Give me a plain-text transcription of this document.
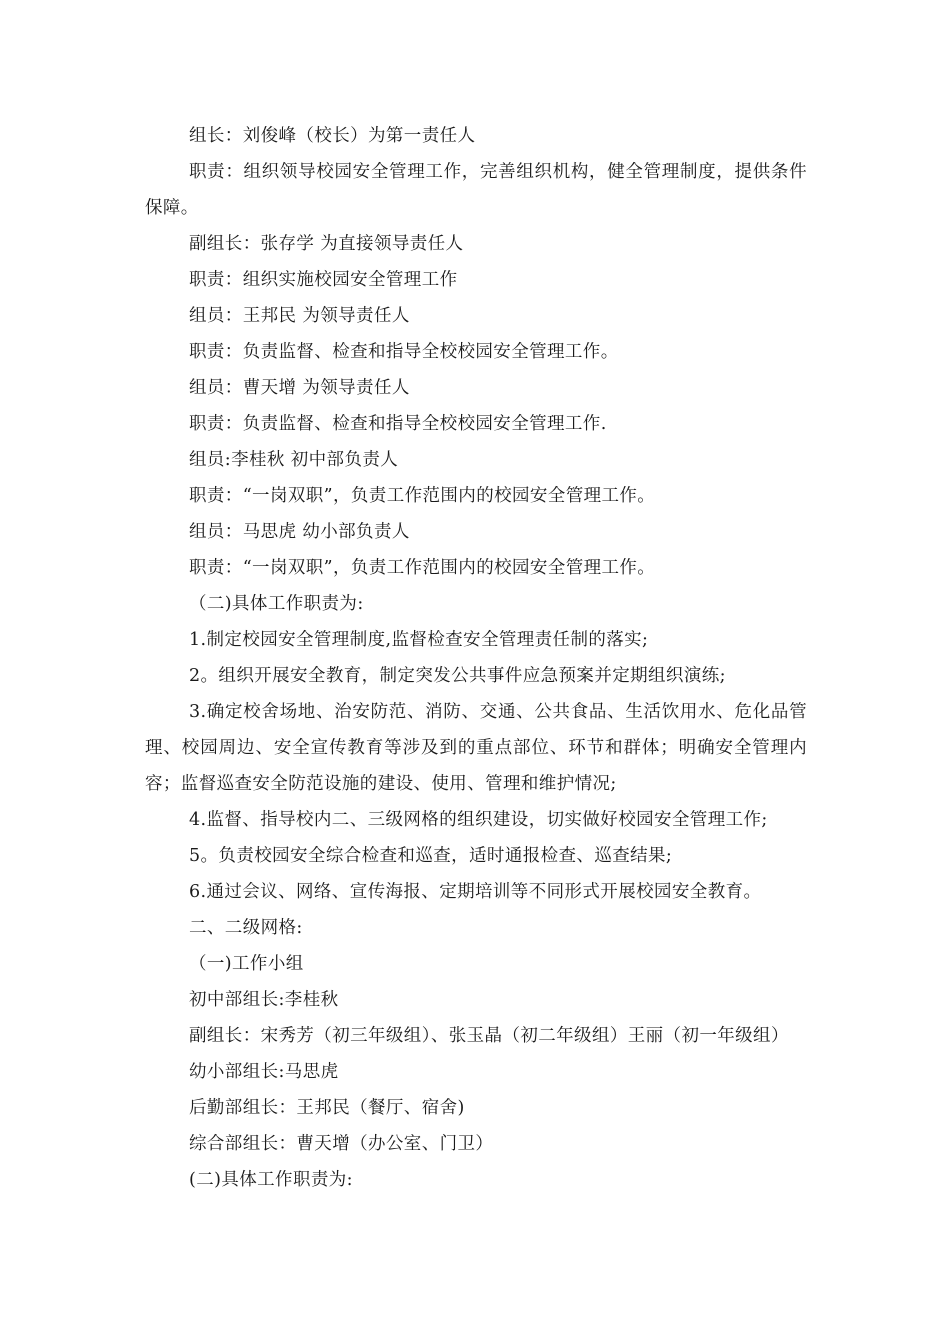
组长：刘俊峰（校长）为第一责任人

职责：组织领导校园安全管理工作，完善组织机构，健全管理制度，提供条件保障。

副组长：张存学 为直接领导责任人

职责：组织实施校园安全管理工作

组员：王邦民 为领导责任人

职责：负责监督、检查和指导全校校园安全管理工作。

组员：曹天增 为领导责任人

职责：负责监督、检查和指导全校校园安全管理工作.

组员:李桂秋 初中部负责人

职责：“一岗双职”，负责工作范围内的校园安全管理工作。

组员：马思虎 幼小部负责人

职责：“一岗双职”，负责工作范围内的校园安全管理工作。

（二)具体工作职责为:

1.制定校园安全管理制度,监督检查安全管理责任制的落实;

2。组织开展安全教育，制定突发公共事件应急预案并定期组织演练;

3.确定校舍场地、治安防范、消防、交通、公共食品、生活饮用水、危化品管理、校园周边、安全宣传教育等涉及到的重点部位、环节和群体；明确安全管理内容；监督巡查安全防范设施的建设、使用、管理和维护情况;

4.监督、指导校内二、三级网格的组织建设，切实做好校园安全管理工作;

5。负责校园安全综合检查和巡查，适时通报检查、巡查结果;

6.通过会议、网络、宣传海报、定期培训等不同形式开展校园安全教育。

二、二级网格:

（一)工作小组

初中部组长:李桂秋

副组长：宋秀芳（初三年级组）、张玉晶（初二年级组）王丽（初一年级组）

幼小部组长:马思虎

后勤部组长：王邦民（餐厅、宿舍)

综合部组长：曹天增（办公室、门卫）

(二)具体工作职责为:
